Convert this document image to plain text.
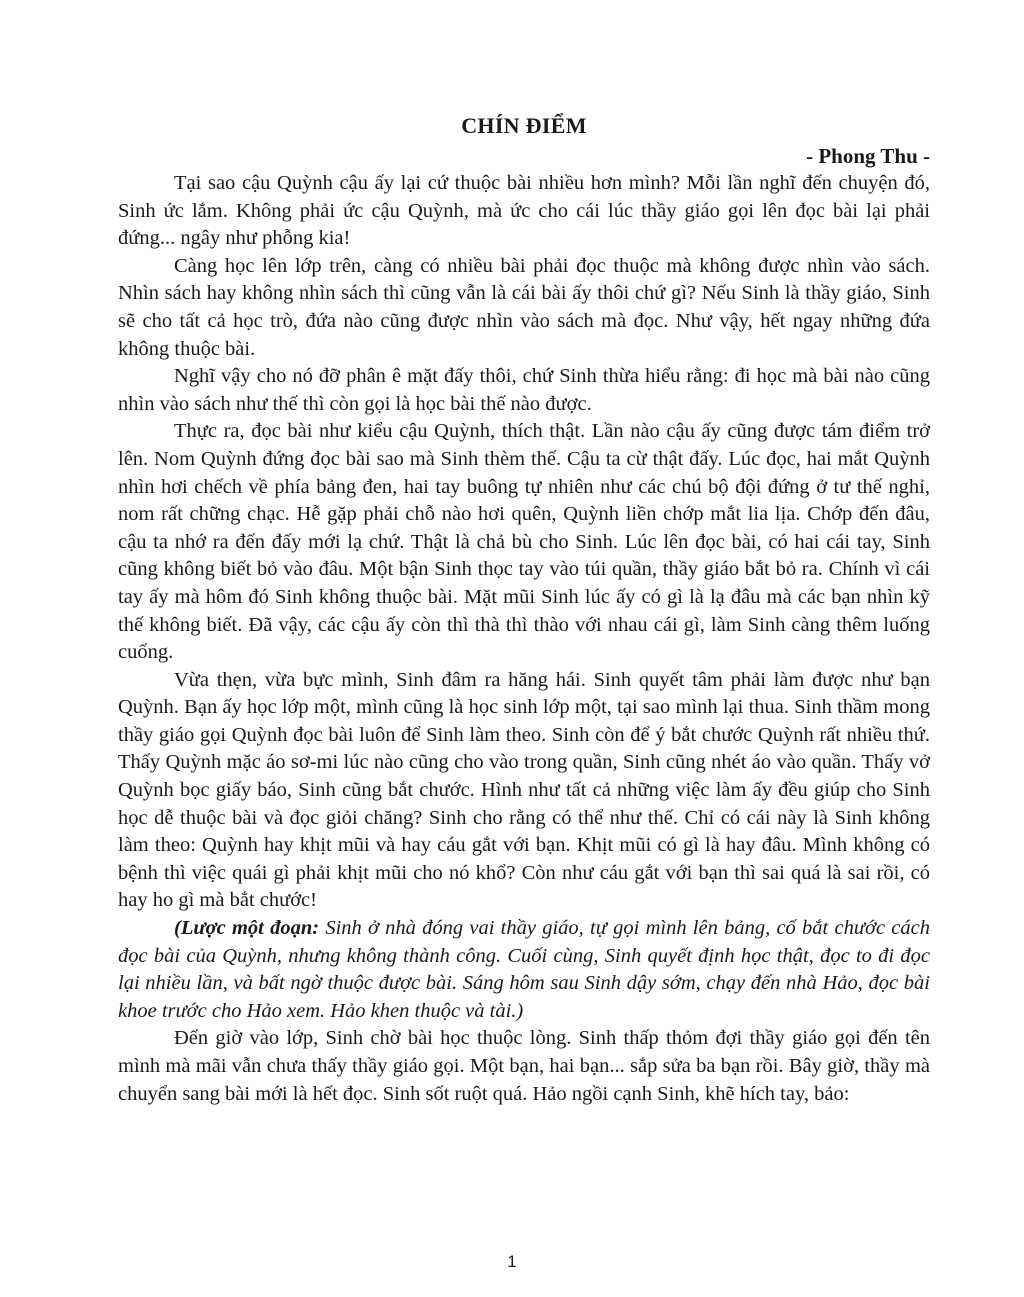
CHÍN ĐIỂM

- Phong Thu -

Tại sao cậu Quỳnh cậu ấy lại cứ thuộc bài nhiều hơn mình? Mỗi lần nghĩ đến chuyện đó, Sinh ức lắm. Không phải ức cậu Quỳnh, mà ức cho cái lúc thầy giáo gọi lên đọc bài lại phải đứng... ngây như phỗng kia!

Càng học lên lớp trên, càng có nhiều bài phải đọc thuộc mà không được nhìn vào sách. Nhìn sách hay không nhìn sách thì cũng vẫn là cái bài ấy thôi chứ gì? Nếu Sinh là thầy giáo, Sinh sẽ cho tất cả học trò, đứa nào cũng được nhìn vào sách mà đọc. Như vậy, hết ngay những đứa không thuộc bài.

Nghĩ vậy cho nó đỡ phân ê mặt đấy thôi, chứ Sinh thừa hiểu rằng: đi học mà bài nào cũng nhìn vào sách như thế thì còn gọi là học bài thế nào được.

Thực ra, đọc bài như kiểu cậu Quỳnh, thích thật. Lần nào cậu ấy cũng được tám điểm trở lên. Nom Quỳnh đứng đọc bài sao mà Sinh thèm thế. Cậu ta cừ thật đấy. Lúc đọc, hai mắt Quỳnh nhìn hơi chếch về phía bảng đen, hai tay buông tự nhiên như các chú bộ đội đứng ở tư thế nghỉ, nom rất chững chạc. Hễ gặp phải chỗ nào hơi quên, Quỳnh liền chớp mắt lia lịa. Chớp đến đâu, cậu ta nhớ ra đến đấy mới lạ chứ. Thật là chả bù cho Sinh. Lúc lên đọc bài, có hai cái tay, Sinh cũng không biết bỏ vào đâu. Một bận Sinh thọc tay vào túi quần, thầy giáo bắt bỏ ra. Chính vì cái tay ấy mà hôm đó Sinh không thuộc bài. Mặt mũi Sinh lúc ấy có gì là lạ đâu mà các bạn nhìn kỹ thế không biết. Đã vậy, các cậu ấy còn thì thà thì thào với nhau cái gì, làm Sinh càng thêm luống cuống.

Vừa thẹn, vừa bực mình, Sinh đâm ra hăng hái. Sinh quyết tâm phải làm được như bạn Quỳnh. Bạn ấy học lớp một, mình cũng là học sinh lớp một, tại sao mình lại thua. Sinh thầm mong thầy giáo gọi Quỳnh đọc bài luôn để Sinh làm theo. Sinh còn để ý bắt chước Quỳnh rất nhiều thứ. Thấy Quỳnh mặc áo sơ-mi lúc nào cũng cho vào trong quần, Sinh cũng nhét áo vào quần. Thấy vở Quỳnh bọc giấy báo, Sinh cũng bắt chước. Hình như tất cả những việc làm ấy đều giúp cho Sinh học dễ thuộc bài và đọc giỏi chăng? Sinh cho rằng có thể như thế. Chỉ có cái này là Sinh không làm theo: Quỳnh hay khịt mũi và hay cáu gắt với bạn. Khịt mũi có gì là hay đâu. Mình không có bệnh thì việc quái gì phải khịt mũi cho nó khổ? Còn như cáu gắt với bạn thì sai quá là sai rồi, có hay ho gì mà bắt chước!

(Lược một đoạn: Sinh ở nhà đóng vai thầy giáo, tự gọi mình lên bảng, cố bắt chước cách đọc bài của Quỳnh, nhưng không thành công. Cuối cùng, Sinh quyết định học thật, đọc to đi đọc lại nhiều lần, và bất ngờ thuộc được bài. Sáng hôm sau Sinh dậy sớm, chạy đến nhà Hảo, đọc bài khoe trước cho Hảo xem. Hảo khen thuộc và tài.)

Đến giờ vào lớp, Sinh chờ bài học thuộc lòng. Sinh thấp thỏm đợi thầy giáo gọi đến tên mình mà mãi vẫn chưa thấy thầy giáo gọi. Một bạn, hai bạn... sắp sửa ba bạn rồi. Bây giờ, thầy mà chuyển sang bài mới là hết đọc. Sinh sốt ruột quá. Hảo ngồi cạnh Sinh, khẽ hích tay, bảo:

1
